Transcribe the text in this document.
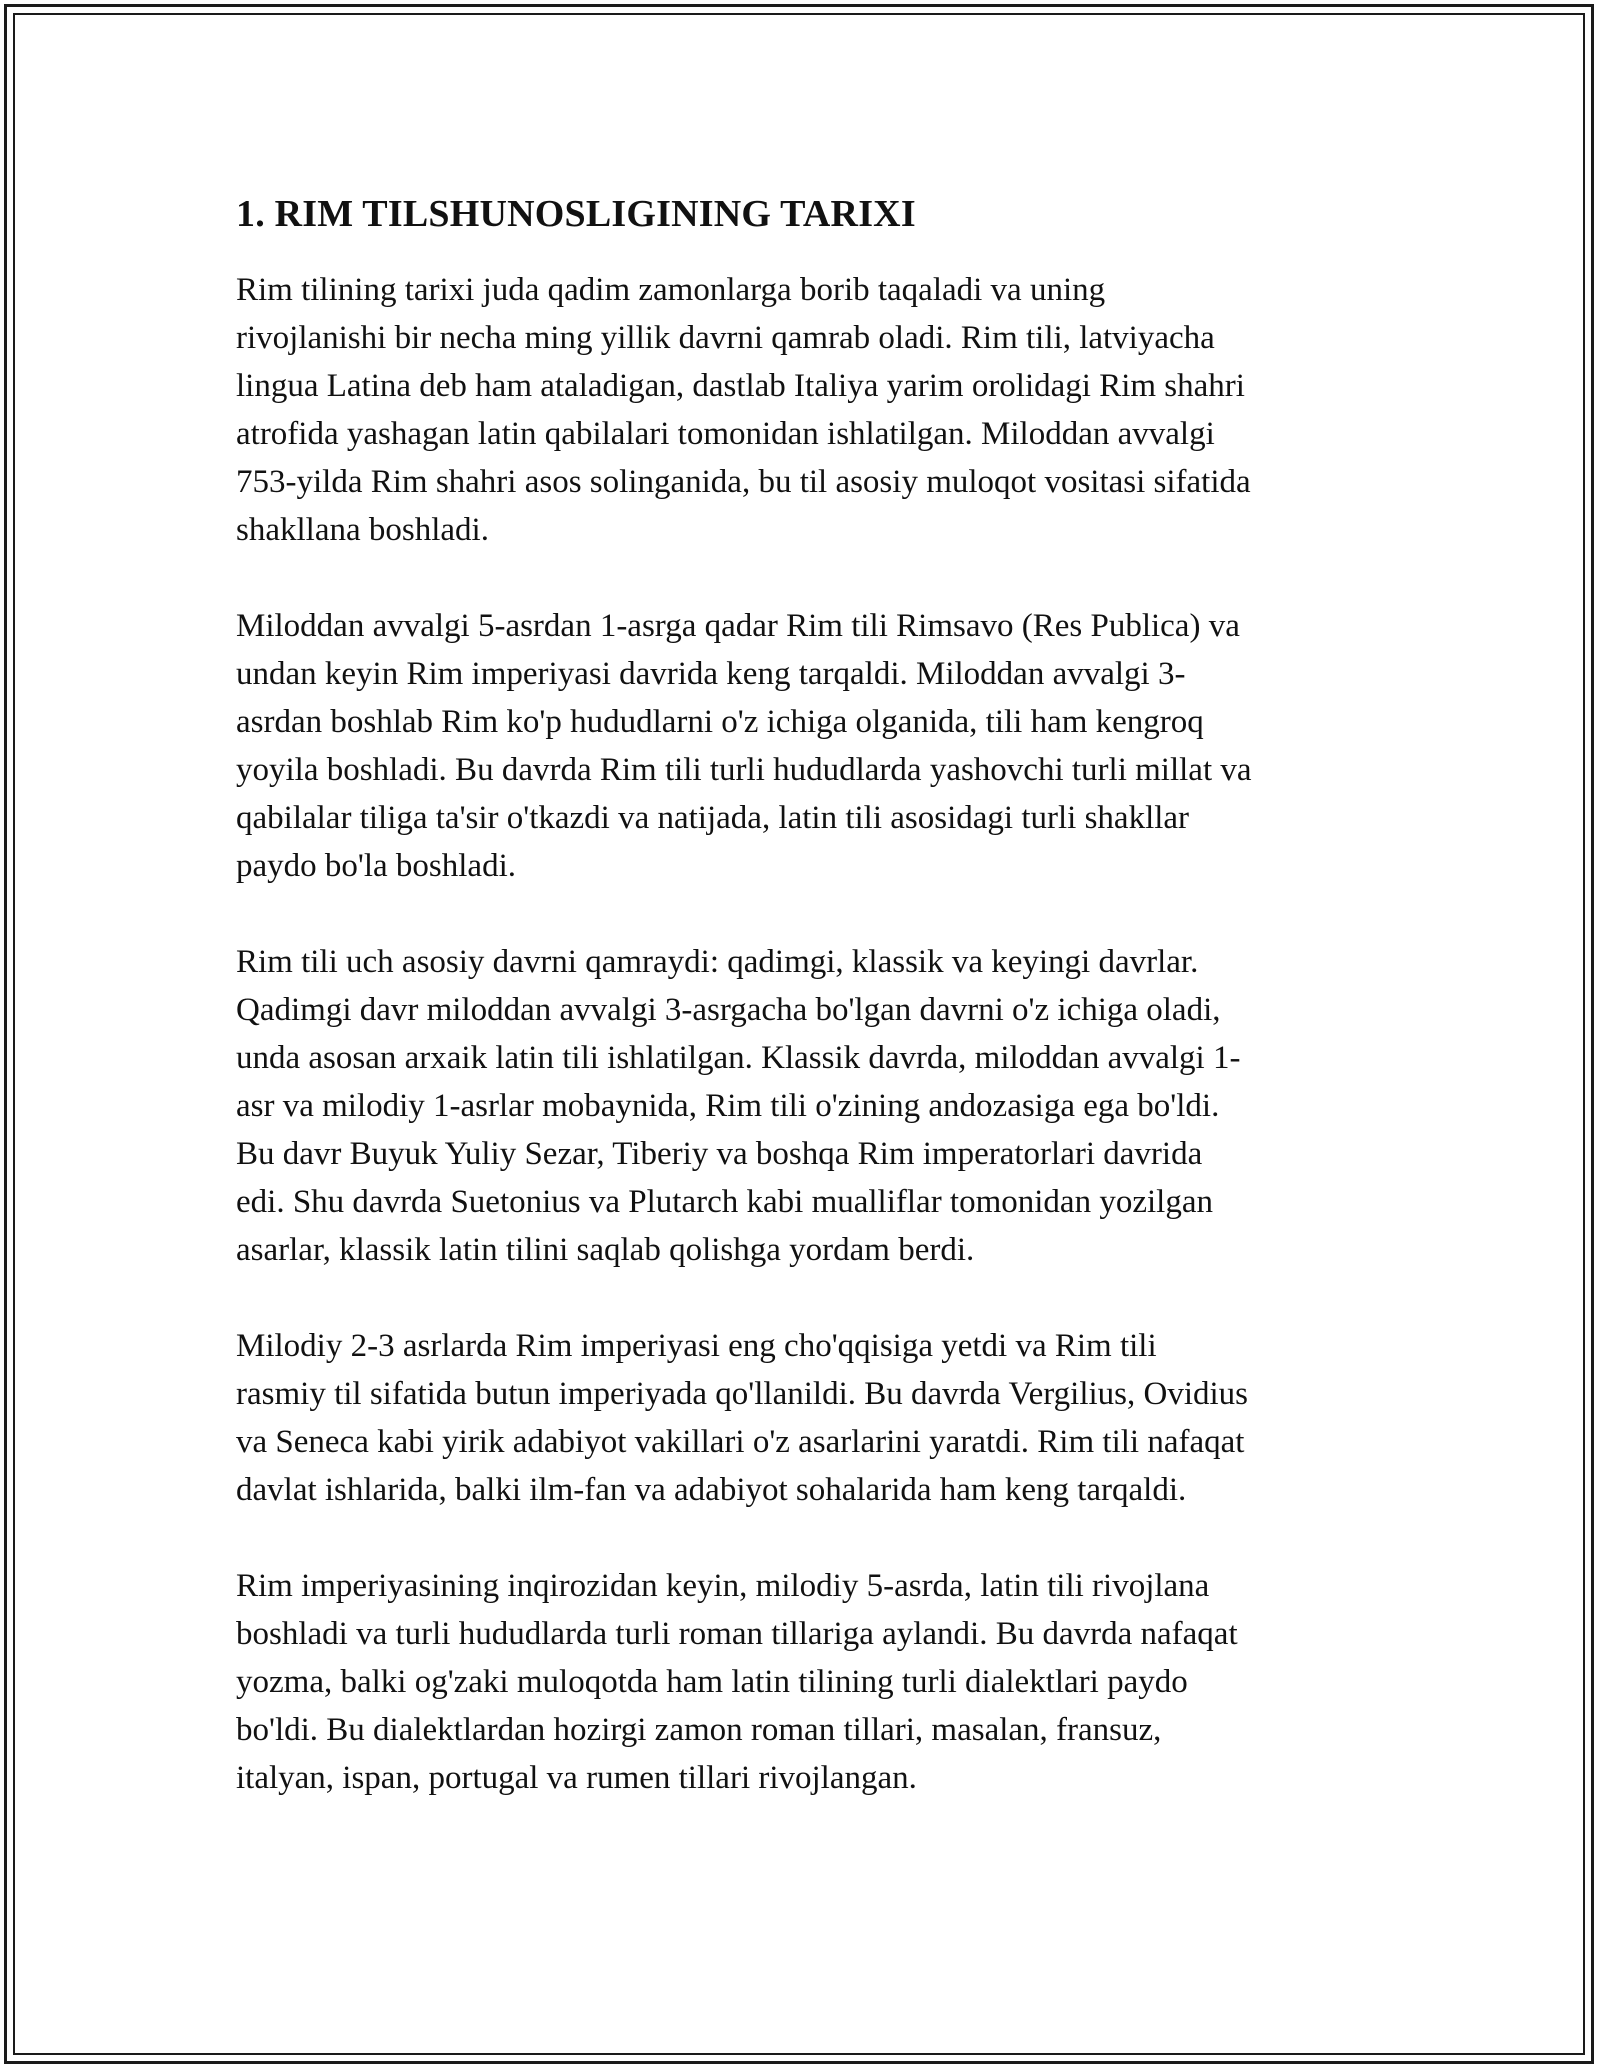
1. RIM TILSHUNOSLIGINING TARIXI

Rim tilining tarixi juda qadim zamonlarga borib taqaladi va uning
rivojlanishi bir necha ming yillik davrni qamrab oladi. Rim tili, latviyacha
lingua Latina deb ham ataladigan, dastlab Italiya yarim orolidagi Rim shahri
atrofida yashagan latin qabilalari tomonidan ishlatilgan. Miloddan avvalgi
753-yilda Rim shahri asos solinganida, bu til asosiy muloqot vositasi sifatida
shakllana boshladi.

Miloddan avvalgi 5-asrdan 1-asrga qadar Rim tili Rimsavo (Res Publica) va
undan keyin Rim imperiyasi davrida keng tarqaldi. Miloddan avvalgi 3-
asrdan boshlab Rim ko'p hududlarni o'z ichiga olganida, tili ham kengroq
yoyila boshladi. Bu davrda Rim tili turli hududlarda yashovchi turli millat va
qabilalar tiliga ta'sir o'tkazdi va natijada, latin tili asosidagi turli shakllar
paydo bo'la boshladi.

Rim tili uch asosiy davrni qamraydi: qadimgi, klassik va keyingi davrlar.
Qadimgi davr miloddan avvalgi 3-asrgacha bo'lgan davrni o'z ichiga oladi,
unda asosan arxaik latin tili ishlatilgan. Klassik davrda, miloddan avvalgi 1-
asr va milodiy 1-asrlar mobaynida, Rim tili o'zining andozasiga ega bo'ldi.
Bu davr Buyuk Yuliy Sezar, Tiberiy va boshqa Rim imperatorlari davrida
edi. Shu davrda Suetonius va Plutarch kabi mualliflar tomonidan yozilgan
asarlar, klassik latin tilini saqlab qolishga yordam berdi.

Milodiy 2-3 asrlarda Rim imperiyasi eng cho'qqisiga yetdi va Rim tili
rasmiy til sifatida butun imperiyada qo'llanildi. Bu davrda Vergilius, Ovidius
va Seneca kabi yirik adabiyot vakillari o'z asarlarini yaratdi. Rim tili nafaqat
davlat ishlarida, balki ilm-fan va adabiyot sohalarida ham keng tarqaldi.

Rim imperiyasining inqirozidan keyin, milodiy 5-asrda, latin tili rivojlana
boshladi va turli hududlarda turli roman tillariga aylandi. Bu davrda nafaqat
yozma, balki og'zaki muloqotda ham latin tilining turli dialektlari paydo
bo'ldi. Bu dialektlardan hozirgi zamon roman tillari, masalan, fransuz,
italyan, ispan, portugal va rumen tillari rivojlangan.
